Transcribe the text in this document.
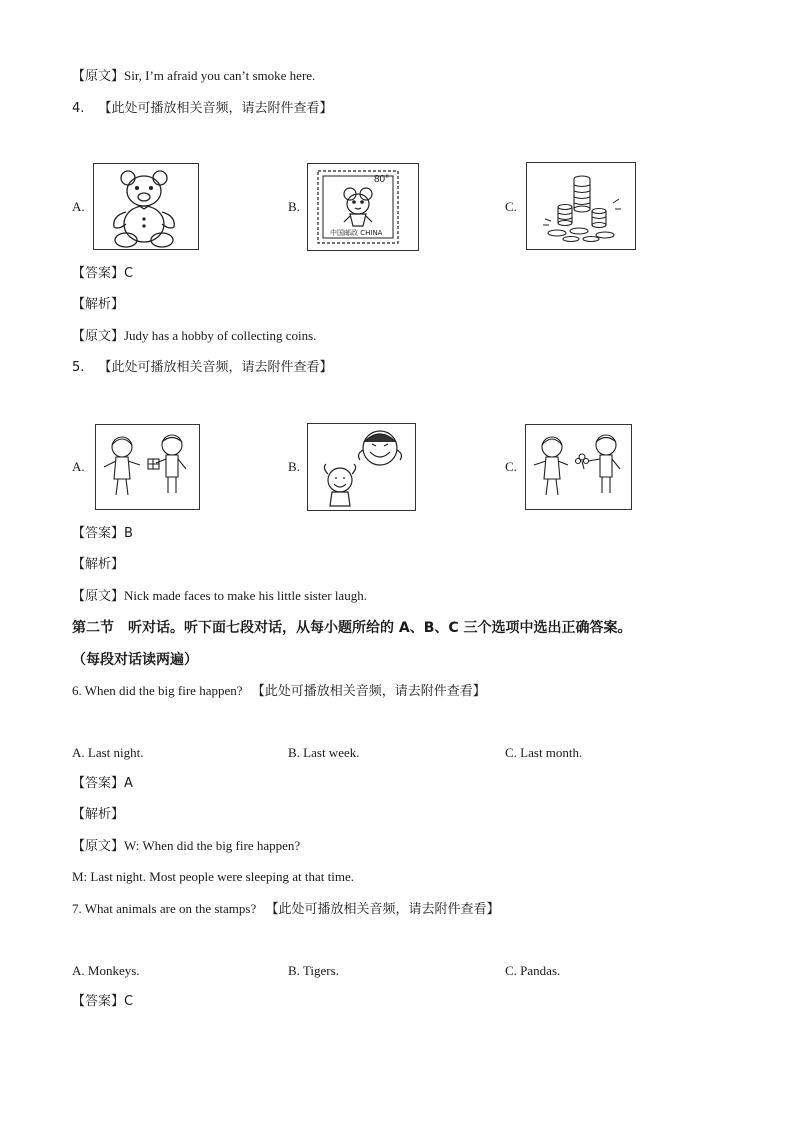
【原文】Sir, I’m afraid you can’t smoke here.
4. 【此处可播放相关音频，请去附件查看】
A.	B.
80°
中国邮政 CHINA
C.
【答案】C
【解析】
【原文】Judy has a hobby of collecting coins.
5. 【此处可播放相关音频，请去附件查看】
A.	B.	C.
【答案】B
【解析】
【原文】Nick made faces to make his little sister laugh.
第二节　听对话。听下面七段对话，从每小题所给的 A、B、C 三个选项中选出正确答案。
（每段对话读两遍）
6. When did the big fire happen? 【此处可播放相关音频，请去附件查看】
A. Last night.	B. Last week.	C. Last month.
【答案】A
【解析】
【原文】W: When did the big fire happen?
M: Last night. Most people were sleeping at that time.
7. What animals are on the stamps? 【此处可播放相关音频，请去附件查看】
A. Monkeys.	B. Tigers.	C. Pandas.
【答案】C
